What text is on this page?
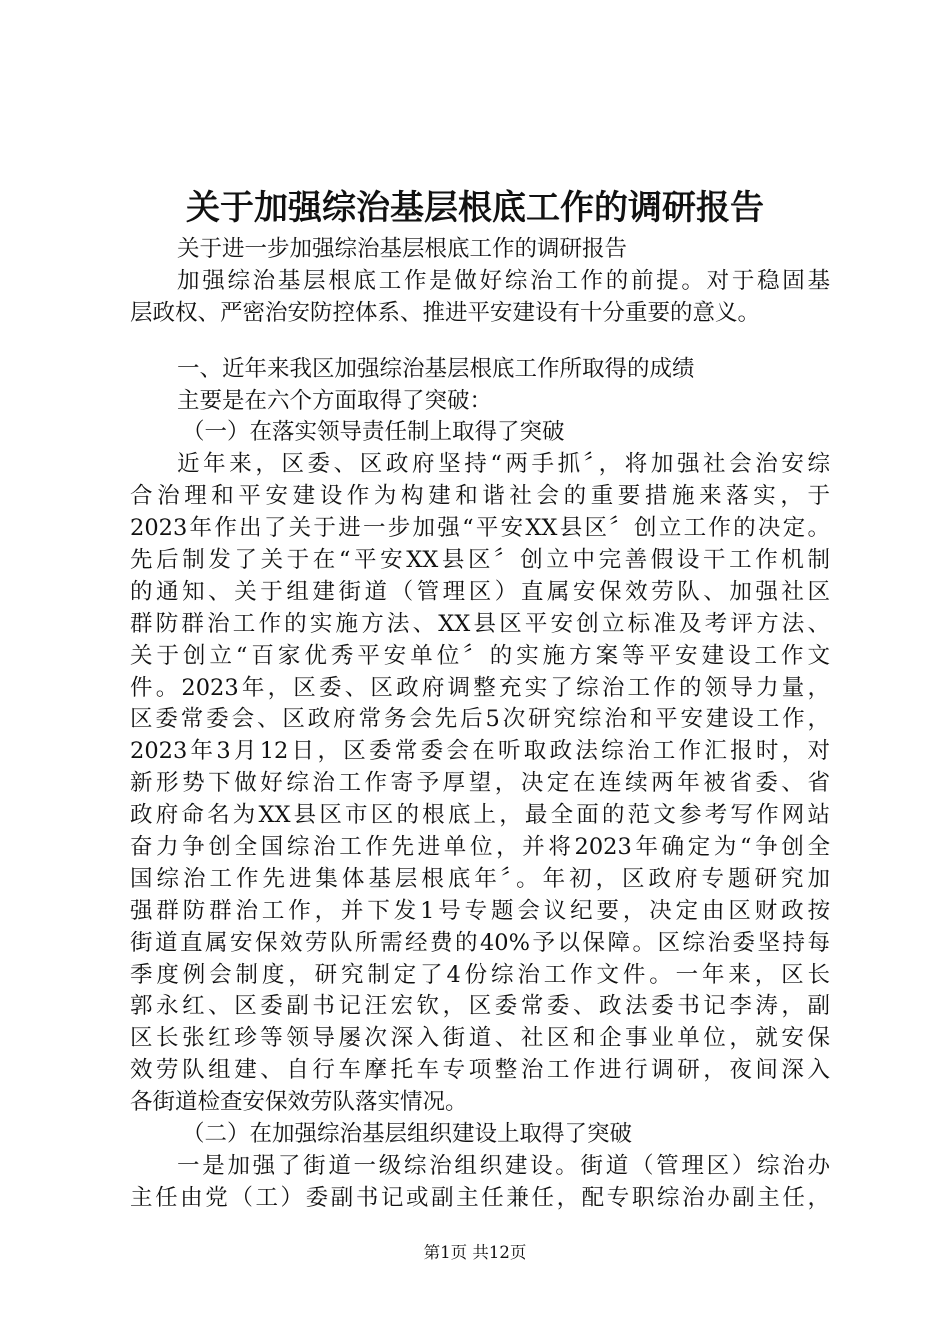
关于加强综治基层根底工作的调研报告
关于进一步加强综治基层根底工作的调研报告
加强综治基层根底工作是做好综治工作的前提。对于稳固基
层政权、严密治安防控体系、推进平安建设有十分重要的意义。
一、近年来我区加强综治基层根底工作所取得的成绩
主要是在六个方面取得了突破：
（一）在落实领导责任制上取得了突破
近年来，区委、区政府坚持“两手抓〞，将加强社会治安综
合治理和平安建设作为构建和谐社会的重要措施来落实，于
2023年作出了关于进一步加强“平安XX县区〞创立工作的决定。
先后制发了关于在“平安XX县区〞创立中完善假设干工作机制
的通知、关于组建街道（管理区）直属安保效劳队、加强社区
群防群治工作的实施方法、XX县区平安创立标准及考评方法、
关于创立“百家优秀平安单位〞的实施方案等平安建设工作文
件。2023年，区委、区政府调整充实了综治工作的领导力量，
区委常委会、区政府常务会先后5次研究综治和平安建设工作，
2023年3月12日，区委常委会在听取政法综治工作汇报时，对
新形势下做好综治工作寄予厚望，决定在连续两年被省委、省
政府命名为XX县区市区的根底上，最全面的范文参考写作网站
奋力争创全国综治工作先进单位，并将2023年确定为“争创全
国综治工作先进集体基层根底年〞。年初，区政府专题研究加
强群防群治工作，并下发1号专题会议纪要，决定由区财政按
街道直属安保效劳队所需经费的40%予以保障。区综治委坚持每
季度例会制度，研究制定了4份综治工作文件。一年来，区长
郭永红、区委副书记汪宏钦，区委常委、政法委书记李涛，副
区长张红珍等领导屡次深入街道、社区和企事业单位，就安保
效劳队组建、自行车摩托车专项整治工作进行调研，夜间深入
各街道检查安保效劳队落实情况。
（二）在加强综治基层组织建设上取得了突破
一是加强了街道一级综治组织建设。街道（管理区）综治办
主任由党（工）委副书记或副主任兼任，配专职综治办副主任，
第1页 共12页
